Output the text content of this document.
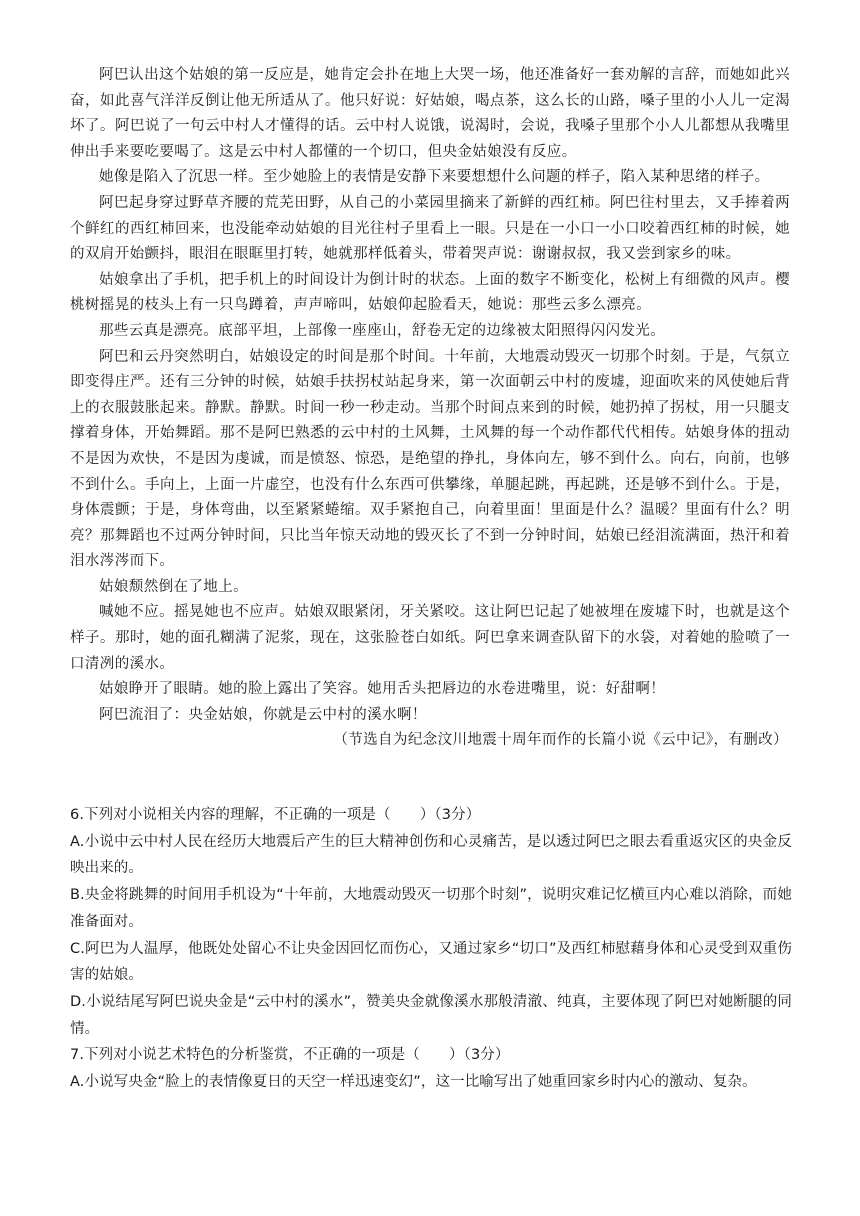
阿巴认出这个姑娘的第一反应是，她肯定会扑在地上大哭一场，他还准备好一套劝解的言辞，而她如此兴奋，如此喜气洋洋反倒让他无所适从了。他只好说：好姑娘，喝点茶，这么长的山路，嗓子里的小人儿一定渴坏了。阿巴说了一句云中村人才懂得的话。云中村人说饿，说渴时，会说，我嗓子里那个小人儿都想从我嘴里伸出手来要吃要喝了。这是云中村人都懂的一个切口，但央金姑娘没有反应。

她像是陷入了沉思一样。至少她脸上的表情是安静下来要想想什么问题的样子，陷入某种思绪的样子。

阿巴起身穿过野草齐腰的荒芜田野，从自己的小菜园里摘来了新鲜的西红柿。阿巴往村里去，又手捧着两个鲜红的西红柿回来，也没能牵动姑娘的目光往村子里看上一眼。只是在一小口一小口咬着西红柿的时候，她的双肩开始颤抖，眼泪在眼眶里打转，她就那样低着头，带着哭声说：谢谢叔叔，我又尝到家乡的味。

姑娘拿出了手机，把手机上的时间设计为倒计时的状态。上面的数字不断变化，松树上有细微的风声。樱桃树摇晃的枝头上有一只鸟蹲着，声声啼叫，姑娘仰起脸看天，她说：那些云多么漂亮。

那些云真是漂亮。底部平坦，上部像一座座山，舒卷无定的边缘被太阳照得闪闪发光。

阿巴和云丹突然明白，姑娘设定的时间是那个时间。十年前，大地震动毁灭一切那个时刻。于是，气氛立即变得庄严。还有三分钟的时候，姑娘手扶拐杖站起身来，第一次面朝云中村的废墟，迎面吹来的风使她后背上的衣服鼓胀起来。静默。静默。时间一秒一秒走动。当那个时间点来到的时候，她扔掉了拐杖，用一只腿支撑着身体，开始舞蹈。那不是阿巴熟悉的云中村的土风舞，土风舞的每一个动作都代代相传。姑娘身体的扭动不是因为欢快，不是因为虔诚，而是愤怒、惊恐，是绝望的挣扎，身体向左，够不到什么。向右，向前，也够不到什么。手向上，上面一片虚空，也没有什么东西可供攀缘，单腿起跳，再起跳，还是够不到什么。于是，身体震颤；于是，身体弯曲，以至紧紧蜷缩。双手紧抱自己，向着里面！里面是什么？温暖？里面有什么？明亮？那舞蹈也不过两分钟时间，只比当年惊天动地的毁灭长了不到一分钟时间，姑娘已经泪流满面，热汗和着泪水涔涔而下。

姑娘颓然倒在了地上。

喊她不应。摇晃她也不应声。姑娘双眼紧闭，牙关紧咬。这让阿巴记起了她被埋在废墟下时，也就是这个样子。那时，她的面孔糊满了泥浆，现在，这张脸苍白如纸。阿巴拿来调查队留下的水袋，对着她的脸喷了一口清冽的溪水。

姑娘睁开了眼睛。她的脸上露出了笑容。她用舌头把唇边的水卷进嘴里，说：好甜啊！

阿巴流泪了：央金姑娘，你就是云中村的溪水啊！

（节选自为纪念汶川地震十周年而作的长篇小说《云中记》，有删改）

6.下列对小说相关内容的理解，不正确的一项是（　　）（3分）

A.小说中云中村人民在经历大地震后产生的巨大精神创伤和心灵痛苦，是以透过阿巴之眼去看重返灾区的央金反映出来的。

B.央金将跳舞的时间用手机设为“十年前，大地震动毁灭一切那个时刻”，说明灾难记忆横亘内心难以消除，而她准备面对。

C.阿巴为人温厚，他既处处留心不让央金因回忆而伤心，又通过家乡“切口”及西红柿慰藉身体和心灵受到双重伤害的姑娘。

D.小说结尾写阿巴说央金是“云中村的溪水”，赞美央金就像溪水那般清澈、纯真，主要体现了阿巴对她断腿的同情。

7.下列对小说艺术特色的分析鉴赏，不正确的一项是（　　）（3分）

A.小说写央金“脸上的表情像夏日的天空一样迅速变幻”，这一比喻写出了她重回家乡时内心的激动、复杂。
